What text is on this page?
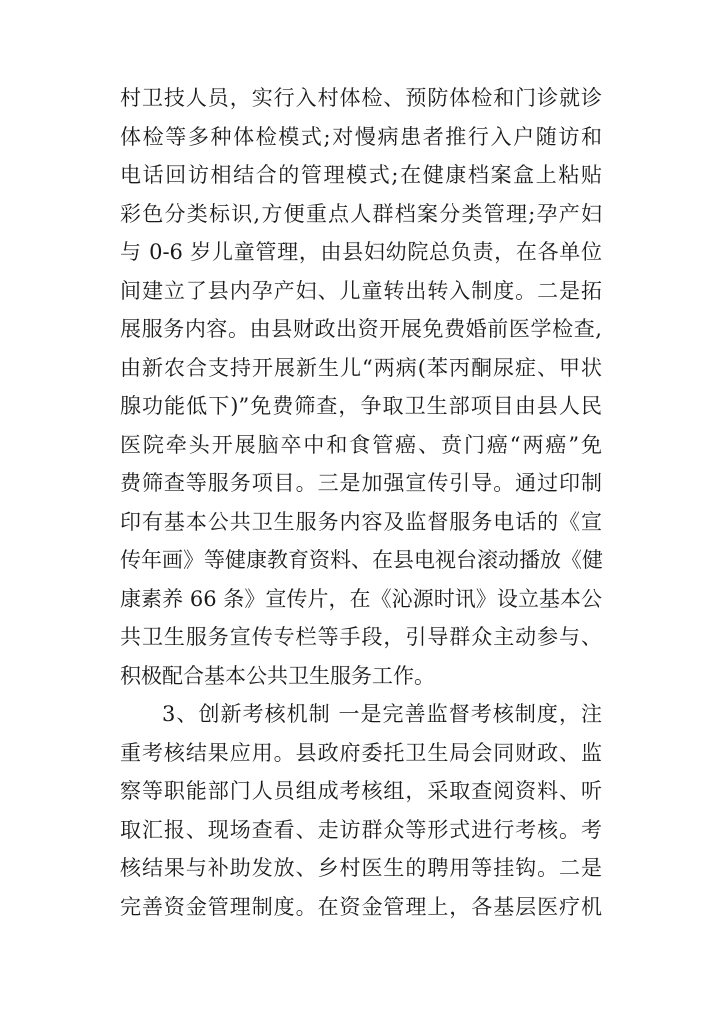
村卫技人员，实行入村体检、预防体检和门诊就诊
体检等多种体检模式;对慢病患者推行入户随访和
电话回访相结合的管理模式;在健康档案盒上粘贴
彩色分类标识,方便重点人群档案分类管理;孕产妇
与 0-6 岁儿童管理，由县妇幼院总负责，在各单位
间建立了县内孕产妇、儿童转出转入制度。二是拓
展服务内容。由县财政出资开展免费婚前医学检查,
由新农合支持开展新生儿“两病(苯丙酮尿症、甲状
腺功能低下)”免费筛查，争取卫生部项目由县人民
医院牵头开展脑卒中和食管癌、贲门癌“两癌”免
费筛查等服务项目。三是加强宣传引导。通过印制
印有基本公共卫生服务内容及监督服务电话的《宣
传年画》等健康教育资料、在县电视台滚动播放《健
康素养 66 条》宣传片，在《沁源时讯》设立基本公
共卫生服务宣传专栏等手段，引导群众主动参与、
积极配合基本公共卫生服务工作。
3、创新考核机制 一是完善监督考核制度，注
重考核结果应用。县政府委托卫生局会同财政、监
察等职能部门人员组成考核组，采取查阅资料、听
取汇报、现场查看、走访群众等形式进行考核。考
核结果与补助发放、乡村医生的聘用等挂钩。二是
完善资金管理制度。在资金管理上，各基层医疗机
